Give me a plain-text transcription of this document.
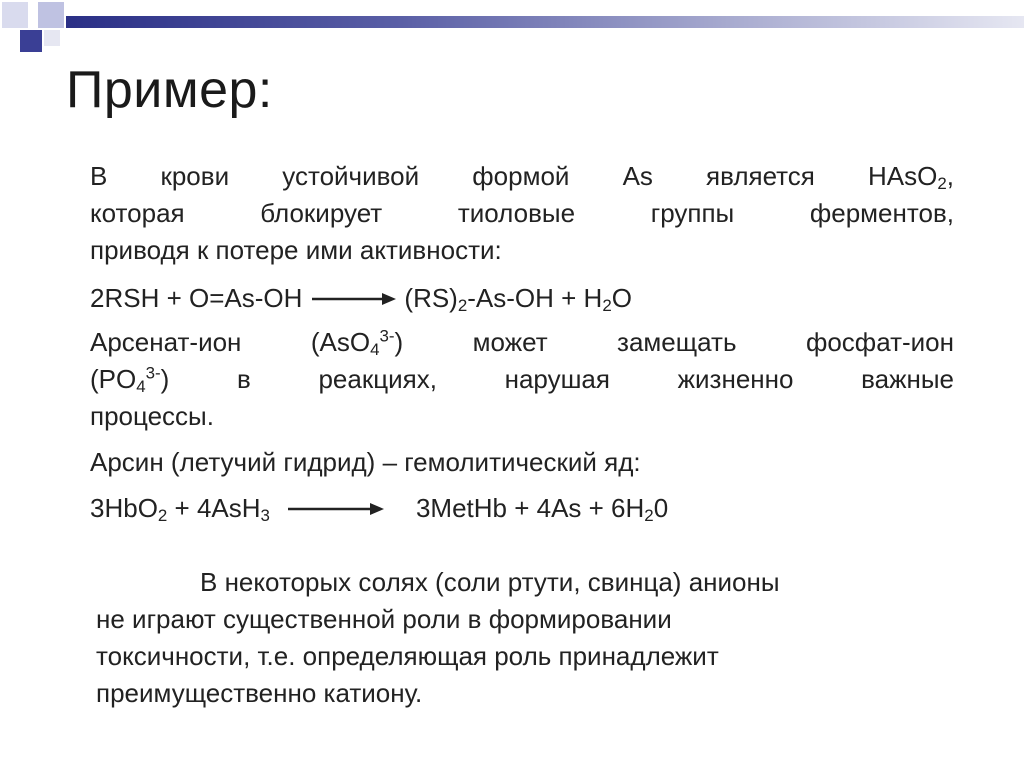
Пример:
В крови устойчивой формой As является HAsO$_2$,
которая блокирует тиоловые группы ферментов,
приводя к потере ими активности:
$2RSH + O=As-OH \to (RS)_2-As-OH + H_2O$
Арсенат-ион (AsO$_4^{3-}$) может замещать фосфат-ион
$(PO_4^{3-})$ в реакциях, нарушая жизненно важные
процессы.
Арсин (летучий гидрид) – гемолитический яд:
3HbO$_2$ + 4AsH$_3$ → 3MetHb + $4As + 6H_20$
В некоторых солях (соли ртути, свинца) анионы
не играют существенной роли в формировании
токсичности, т.е. определяющая роль принадлежит
преимущественно катиону.
